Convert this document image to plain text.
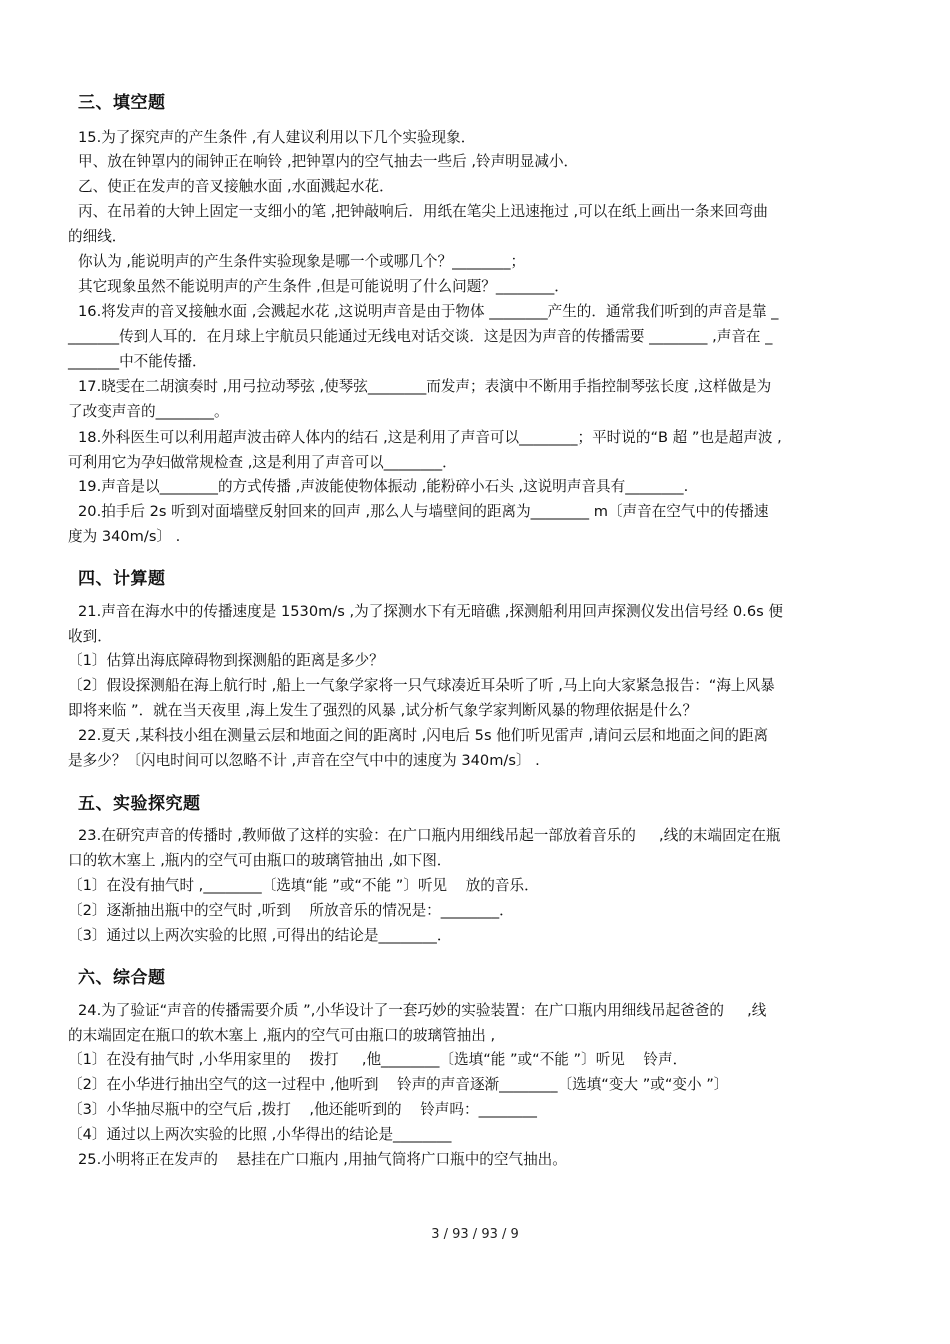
三、填空题
15.为了探究声的产生条件 ,有人建议利用以下几个实验现象．
甲、放在钟罩内的闹钟正在响铃 ,把钟罩内的空气抽去一些后 ,铃声明显减小．
乙、使正在发声的音叉接触水面 ,水面溅起水花．
丙、在吊着的大钟上固定一支细小的笔 ,把钟敲响后．用纸在笔尖上迅速拖过 ,可以在纸上画出一条来回弯曲
的细线．
你认为 ,能说明声的产生条件实验现象是哪一个或哪几个？________；
其它现象虽然不能说明声的产生条件 ,但是可能说明了什么问题？________．
16.将发声的音叉接触水面 ,会溅起水花 ,这说明声音是由于物体 ________产生的．通常我们听到的声音是靠 _
_______传到人耳的．在月球上宇航员只能通过无线电对话交谈．这是因为声音的传播需要 ________ ,声音在 _
_______中不能传播．
17.晓雯在二胡演奏时 ,用弓拉动琴弦 ,使琴弦________而发声；表演中不断用手指控制琴弦长度 ,这样做是为
了改变声音的________。
18.外科医生可以利用超声波击碎人体内的结石 ,这是利用了声音可以________；平时说的“B 超 ”也是超声波 ,
可利用它为孕妇做常规检查 ,这是利用了声音可以________．
19.声音是以________的方式传播 ,声波能使物体振动 ,能粉碎小石头 ,这说明声音具有________.
20.拍手后 2s 听到对面墙壁反射回来的回声 ,那么人与墙壁间的距离为________ m〔声音在空气中的传播速
度为 340m/s〕 .
四、计算题
21.声音在海水中的传播速度是 1530m/s ,为了探测水下有无暗礁 ,探测船利用回声探测仪发出信号经 0.6s 便
收到．
〔1〕估算出海底障碍物到探测船的距离是多少？
〔2〕假设探测船在海上航行时 ,船上一气象学家将一只气球凑近耳朵听了听 ,马上向大家紧急报告：“海上风暴
即将来临 ”．就在当天夜里 ,海上发生了强烈的风暴 ,试分析气象学家判断风暴的物理依据是什么？
22.夏天 ,某科技小组在测量云层和地面之间的距离时 ,闪电后 5s 他们听见雷声 ,请问云层和地面之间的距离
是多少？〔闪电时间可以忽略不计 ,声音在空气中中的速度为 340m/s〕 .
五、实验探究题
23.在研究声音的传播时 ,教师做了这样的实验：在广口瓶内用细线吊起一部放着音乐的     ,线的末端固定在瓶
口的软木塞上 ,瓶内的空气可由瓶口的玻璃管抽出 ,如下图．
〔1〕在没有抽气时 ,________〔选填“能 ”或“不能 ”〕听见    放的音乐．
〔2〕逐渐抽出瓶中的空气时 ,听到    所放音乐的情况是：________．
〔3〕通过以上两次实验的比照 ,可得出的结论是________．
六、综合题
24.为了验证“声音的传播需要介质 ”,小华设计了一套巧妙的实验装置：在广口瓶内用细线吊起爸爸的     ,线
的末端固定在瓶口的软木塞上 ,瓶内的空气可由瓶口的玻璃管抽出 ,
〔1〕在没有抽气时 ,小华用家里的    拨打     ,他________〔选填“能 ”或“不能 ”〕听见    铃声．
〔2〕在小华进行抽出空气的这一过程中 ,他听到    铃声的声音逐渐________〔选填“变大 ”或“变小 ”〕
〔3〕小华抽尽瓶中的空气后 ,拨打    ,他还能听到的    铃声吗：________
〔4〕通过以上两次实验的比照 ,小华得出的结论是________
25.小明将正在发声的    悬挂在广口瓶内 ,用抽气筒将广口瓶中的空气抽出。
3 / 93 / 93 / 9
